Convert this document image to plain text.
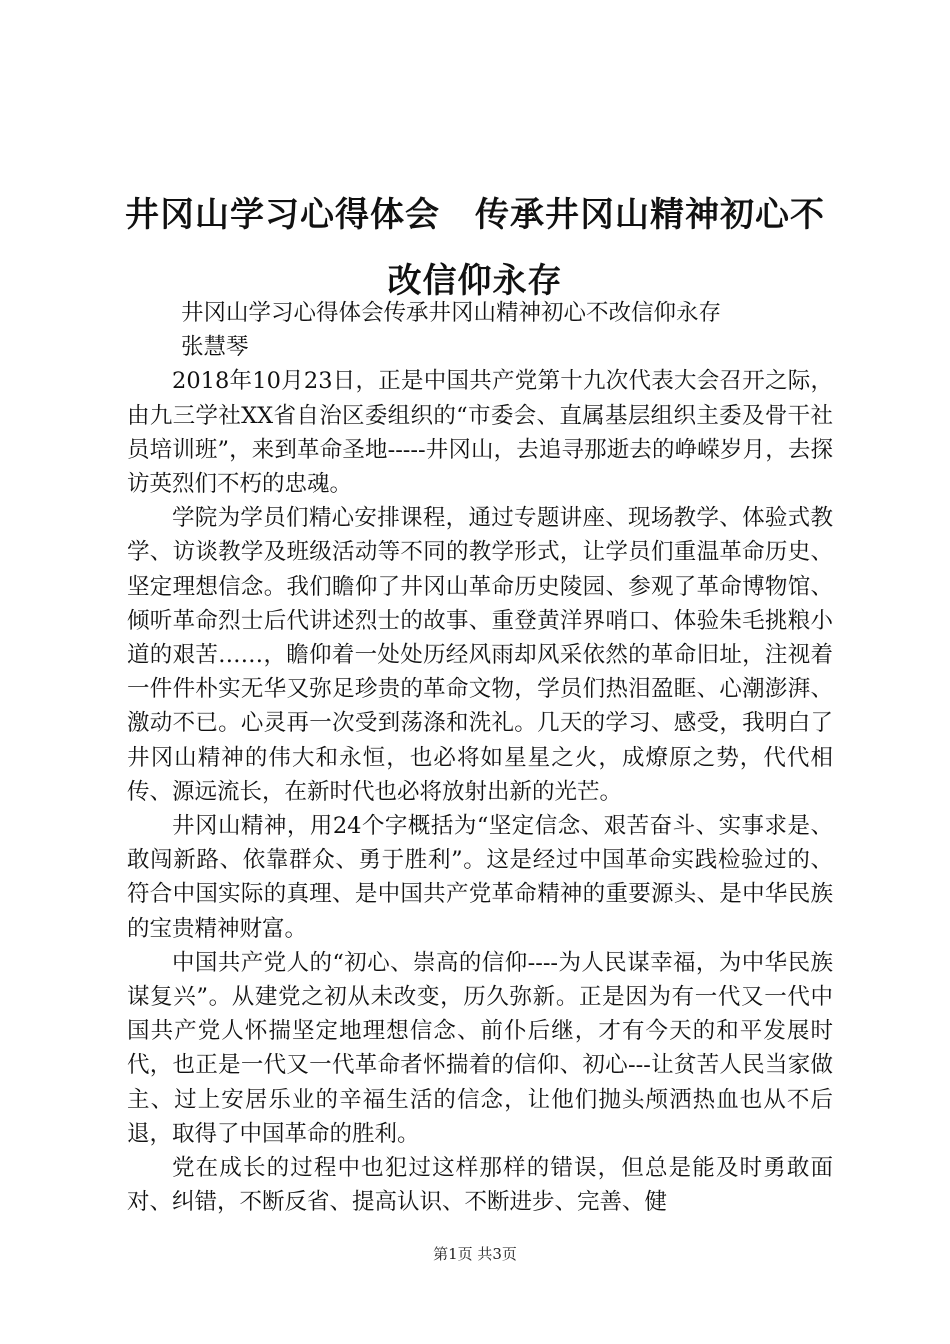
井冈山学习心得体会　传承井冈山精神初心不
改信仰永存

井冈山学习心得体会传承井冈山精神初心不改信仰永存

张慧琴

2018年10月23日，正是中国共产党第十九次代表大会召开之际，由九三学社XX省自治区委组织的“市委会、直属基层组织主委及骨干社员培训班”，来到革命圣地-----井冈山，去追寻那逝去的峥嵘岁月，去探访英烈们不朽的忠魂。

学院为学员们精心安排课程，通过专题讲座、现场教学、体验式教学、访谈教学及班级活动等不同的教学形式，让学员们重温革命历史、坚定理想信念。我们瞻仰了井冈山革命历史陵园、参观了革命博物馆、倾听革命烈士后代讲述烈士的故事、重登黄洋界哨口、体验朱毛挑粮小道的艰苦……，瞻仰着一处处历经风雨却风采依然的革命旧址，注视着一件件朴实无华又弥足珍贵的革命文物，学员们热泪盈眶、心潮澎湃、激动不已。心灵再一次受到荡涤和洗礼。几天的学习、感受，我明白了井冈山精神的伟大和永恒，也必将如星星之火，成燎原之势，代代相传、源远流长，在新时代也必将放射出新的光芒。

井冈山精神，用24个字概括为“坚定信念、艰苦奋斗、实事求是、敢闯新路、依靠群众、勇于胜利”。这是经过中国革命实践检验过的、符合中国实际的真理、是中国共产党革命精神的重要源头、是中华民族的宝贵精神财富。

中国共产党人的“初心、崇高的信仰----为人民谋幸福，为中华民族谋复兴”。从建党之初从未改变，历久弥新。正是因为有一代又一代中国共产党人怀揣坚定地理想信念、前仆后继，才有今天的和平发展时代，也正是一代又一代革命者怀揣着的信仰、初心---让贫苦人民当家做主、过上安居乐业的辛福生活的信念，让他们抛头颅洒热血也从不后退，取得了中国革命的胜利。

党在成长的过程中也犯过这样那样的错误，但总是能及时勇敢面对、纠错，不断反省、提高认识、不断进步、完善、健

第1页 共3页
